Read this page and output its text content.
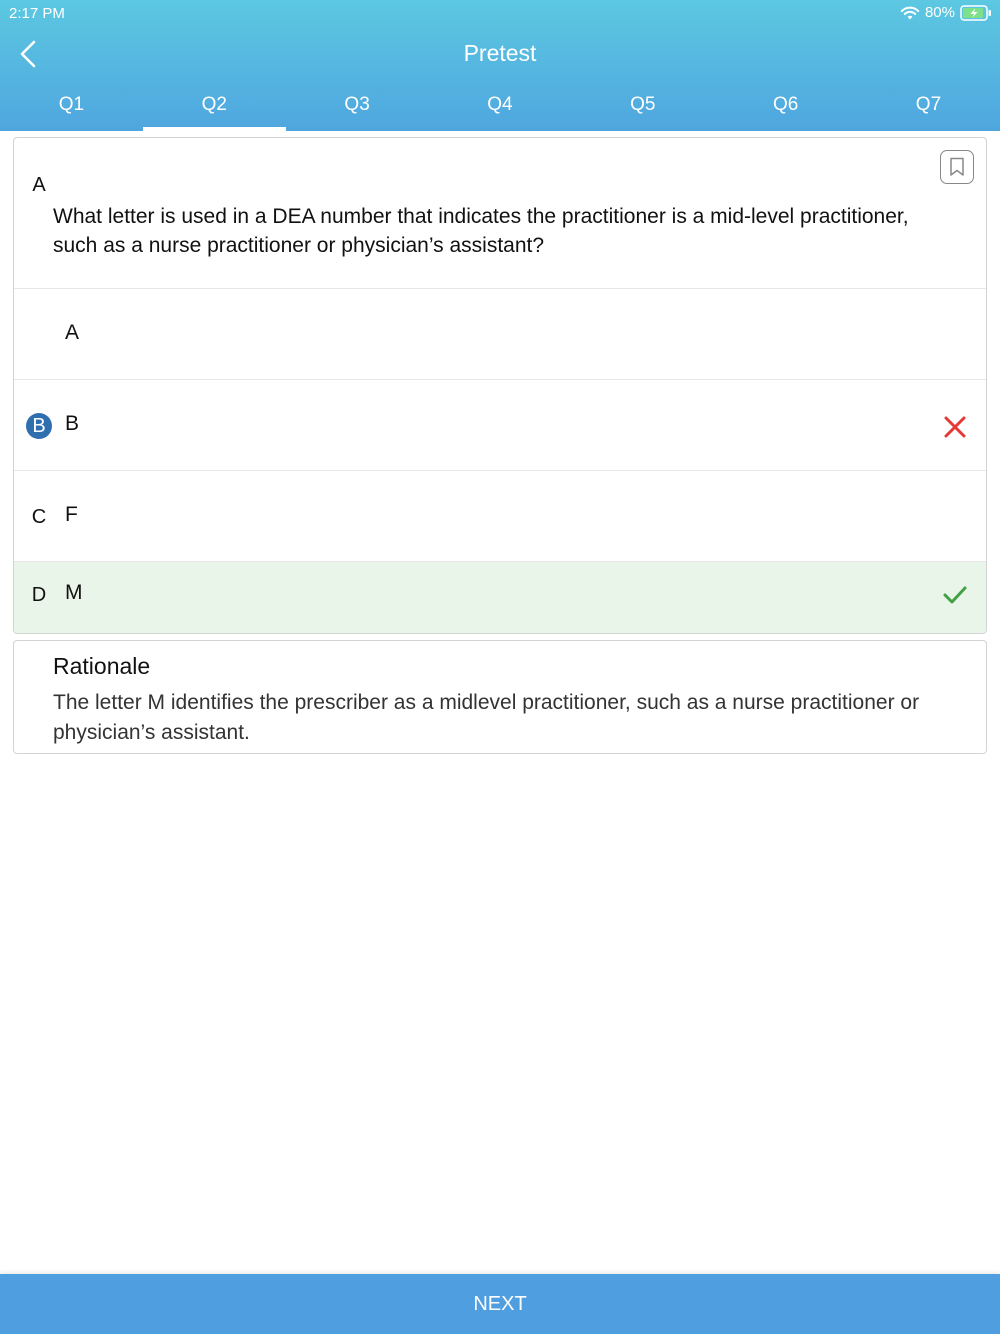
2:17 PM	80%
Pretest
Q1	Q2	Q3	Q4	Q5	Q6	Q7
What letter is used in a DEA number that indicates the practitioner is a mid-level practitioner, such as a nurse practitioner or physician’s assistant?
A
A
B B
C F
D M
Rationale
The letter M identifies the prescriber as a midlevel practitioner, such as a nurse practitioner or physician’s assistant.
NEXT
